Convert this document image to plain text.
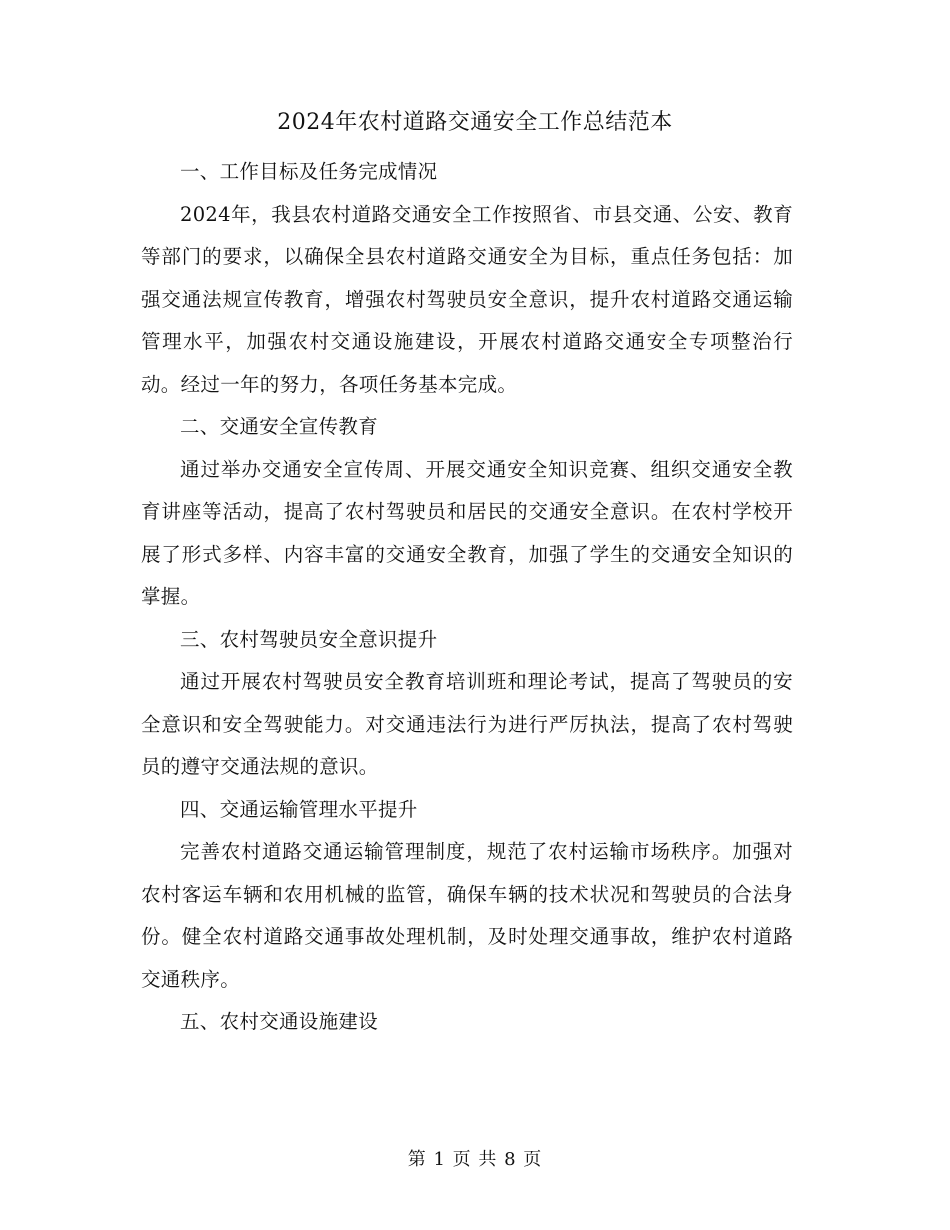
2024年农村道路交通安全工作总结范本

一、工作目标及任务完成情况

2024年，我县农村道路交通安全工作按照省、市县交通、公安、教育等部门的要求，以确保全县农村道路交通安全为目标，重点任务包括：加强交通法规宣传教育，增强农村驾驶员安全意识，提升农村道路交通运输管理水平，加强农村交通设施建设，开展农村道路交通安全专项整治行动。经过一年的努力，各项任务基本完成。

二、交通安全宣传教育

通过举办交通安全宣传周、开展交通安全知识竞赛、组织交通安全教育讲座等活动，提高了农村驾驶员和居民的交通安全意识。在农村学校开展了形式多样、内容丰富的交通安全教育，加强了学生的交通安全知识的掌握。

三、农村驾驶员安全意识提升

通过开展农村驾驶员安全教育培训班和理论考试，提高了驾驶员的安全意识和安全驾驶能力。对交通违法行为进行严厉执法，提高了农村驾驶员的遵守交通法规的意识。

四、交通运输管理水平提升

完善农村道路交通运输管理制度，规范了农村运输市场秩序。加强对农村客运车辆和农用机械的监管，确保车辆的技术状况和驾驶员的合法身份。健全农村道路交通事故处理机制，及时处理交通事故，维护农村道路交通秩序。

五、农村交通设施建设

第 1 页 共 8 页
